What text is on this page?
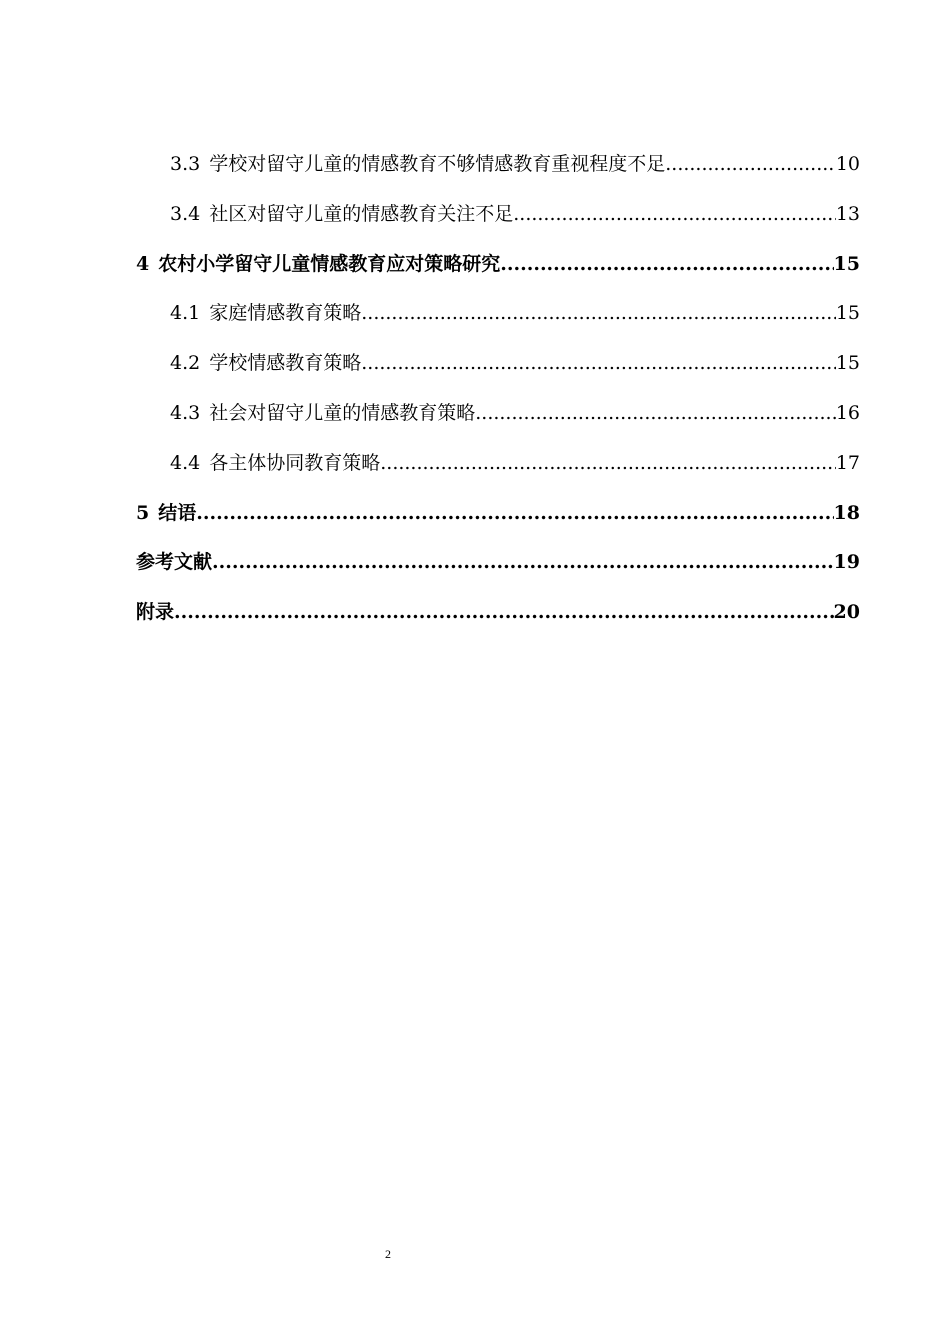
3.3 学校对留守儿童的情感教育不够情感教育重视程度不足 .....	10
3.4 社区对留守儿童的情感教育关注不足 .....	13
4 农村小学留守儿童情感教育应对策略研究 .....	15
4.1 家庭情感教育策略 .....	15
4.2 学校情感教育策略 .....	15
4.3 社会对留守儿童的情感教育策略 .....	16
4.4 各主体协同教育策略 .....	17
5 结语 .....	18
参考文献 .....	19
附录 .....	20
2
